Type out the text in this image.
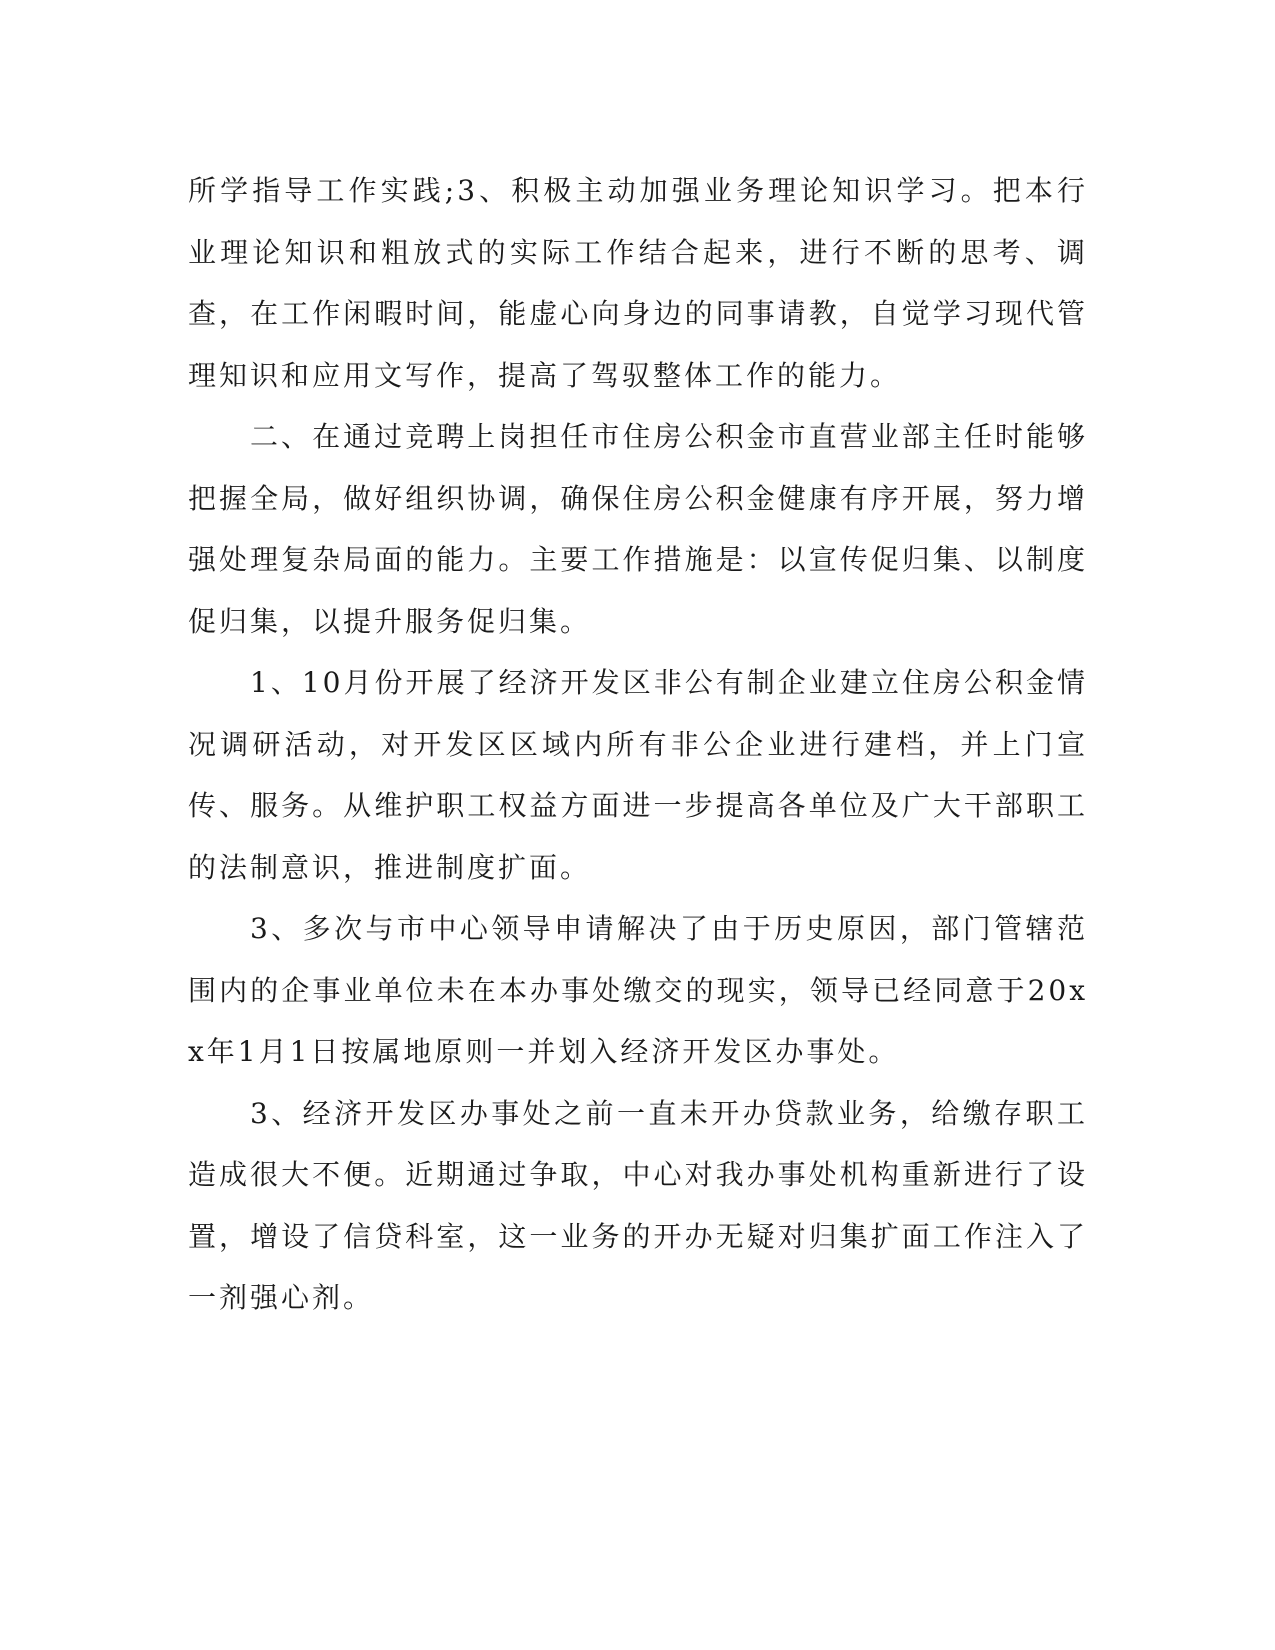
所学指导工作实践;3、积极主动加强业务理论知识学习。把本行业理论知识和粗放式的实际工作结合起来，进行不断的思考、调查，在工作闲暇时间，能虚心向身边的同事请教，自觉学习现代管理知识和应用文写作，提高了驾驭整体工作的能力。

二、在通过竞聘上岗担任市住房公积金市直营业部主任时能够把握全局，做好组织协调，确保住房公积金健康有序开展，努力增强处理复杂局面的能力。主要工作措施是：以宣传促归集、以制度促归集，以提升服务促归集。

1、10月份开展了经济开发区非公有制企业建立住房公积金情况调研活动，对开发区区域内所有非公企业进行建档，并上门宣传、服务。从维护职工权益方面进一步提高各单位及广大干部职工的法制意识，推进制度扩面。

3、多次与市中心领导申请解决了由于历史原因，部门管辖范围内的企事业单位未在本办事处缴交的现实，领导已经同意于20xx年1月1日按属地原则一并划入经济开发区办事处。

3、经济开发区办事处之前一直未开办贷款业务，给缴存职工造成很大不便。近期通过争取，中心对我办事处机构重新进行了设置，增设了信贷科室，这一业务的开办无疑对归集扩面工作注入了一剂强心剂。
